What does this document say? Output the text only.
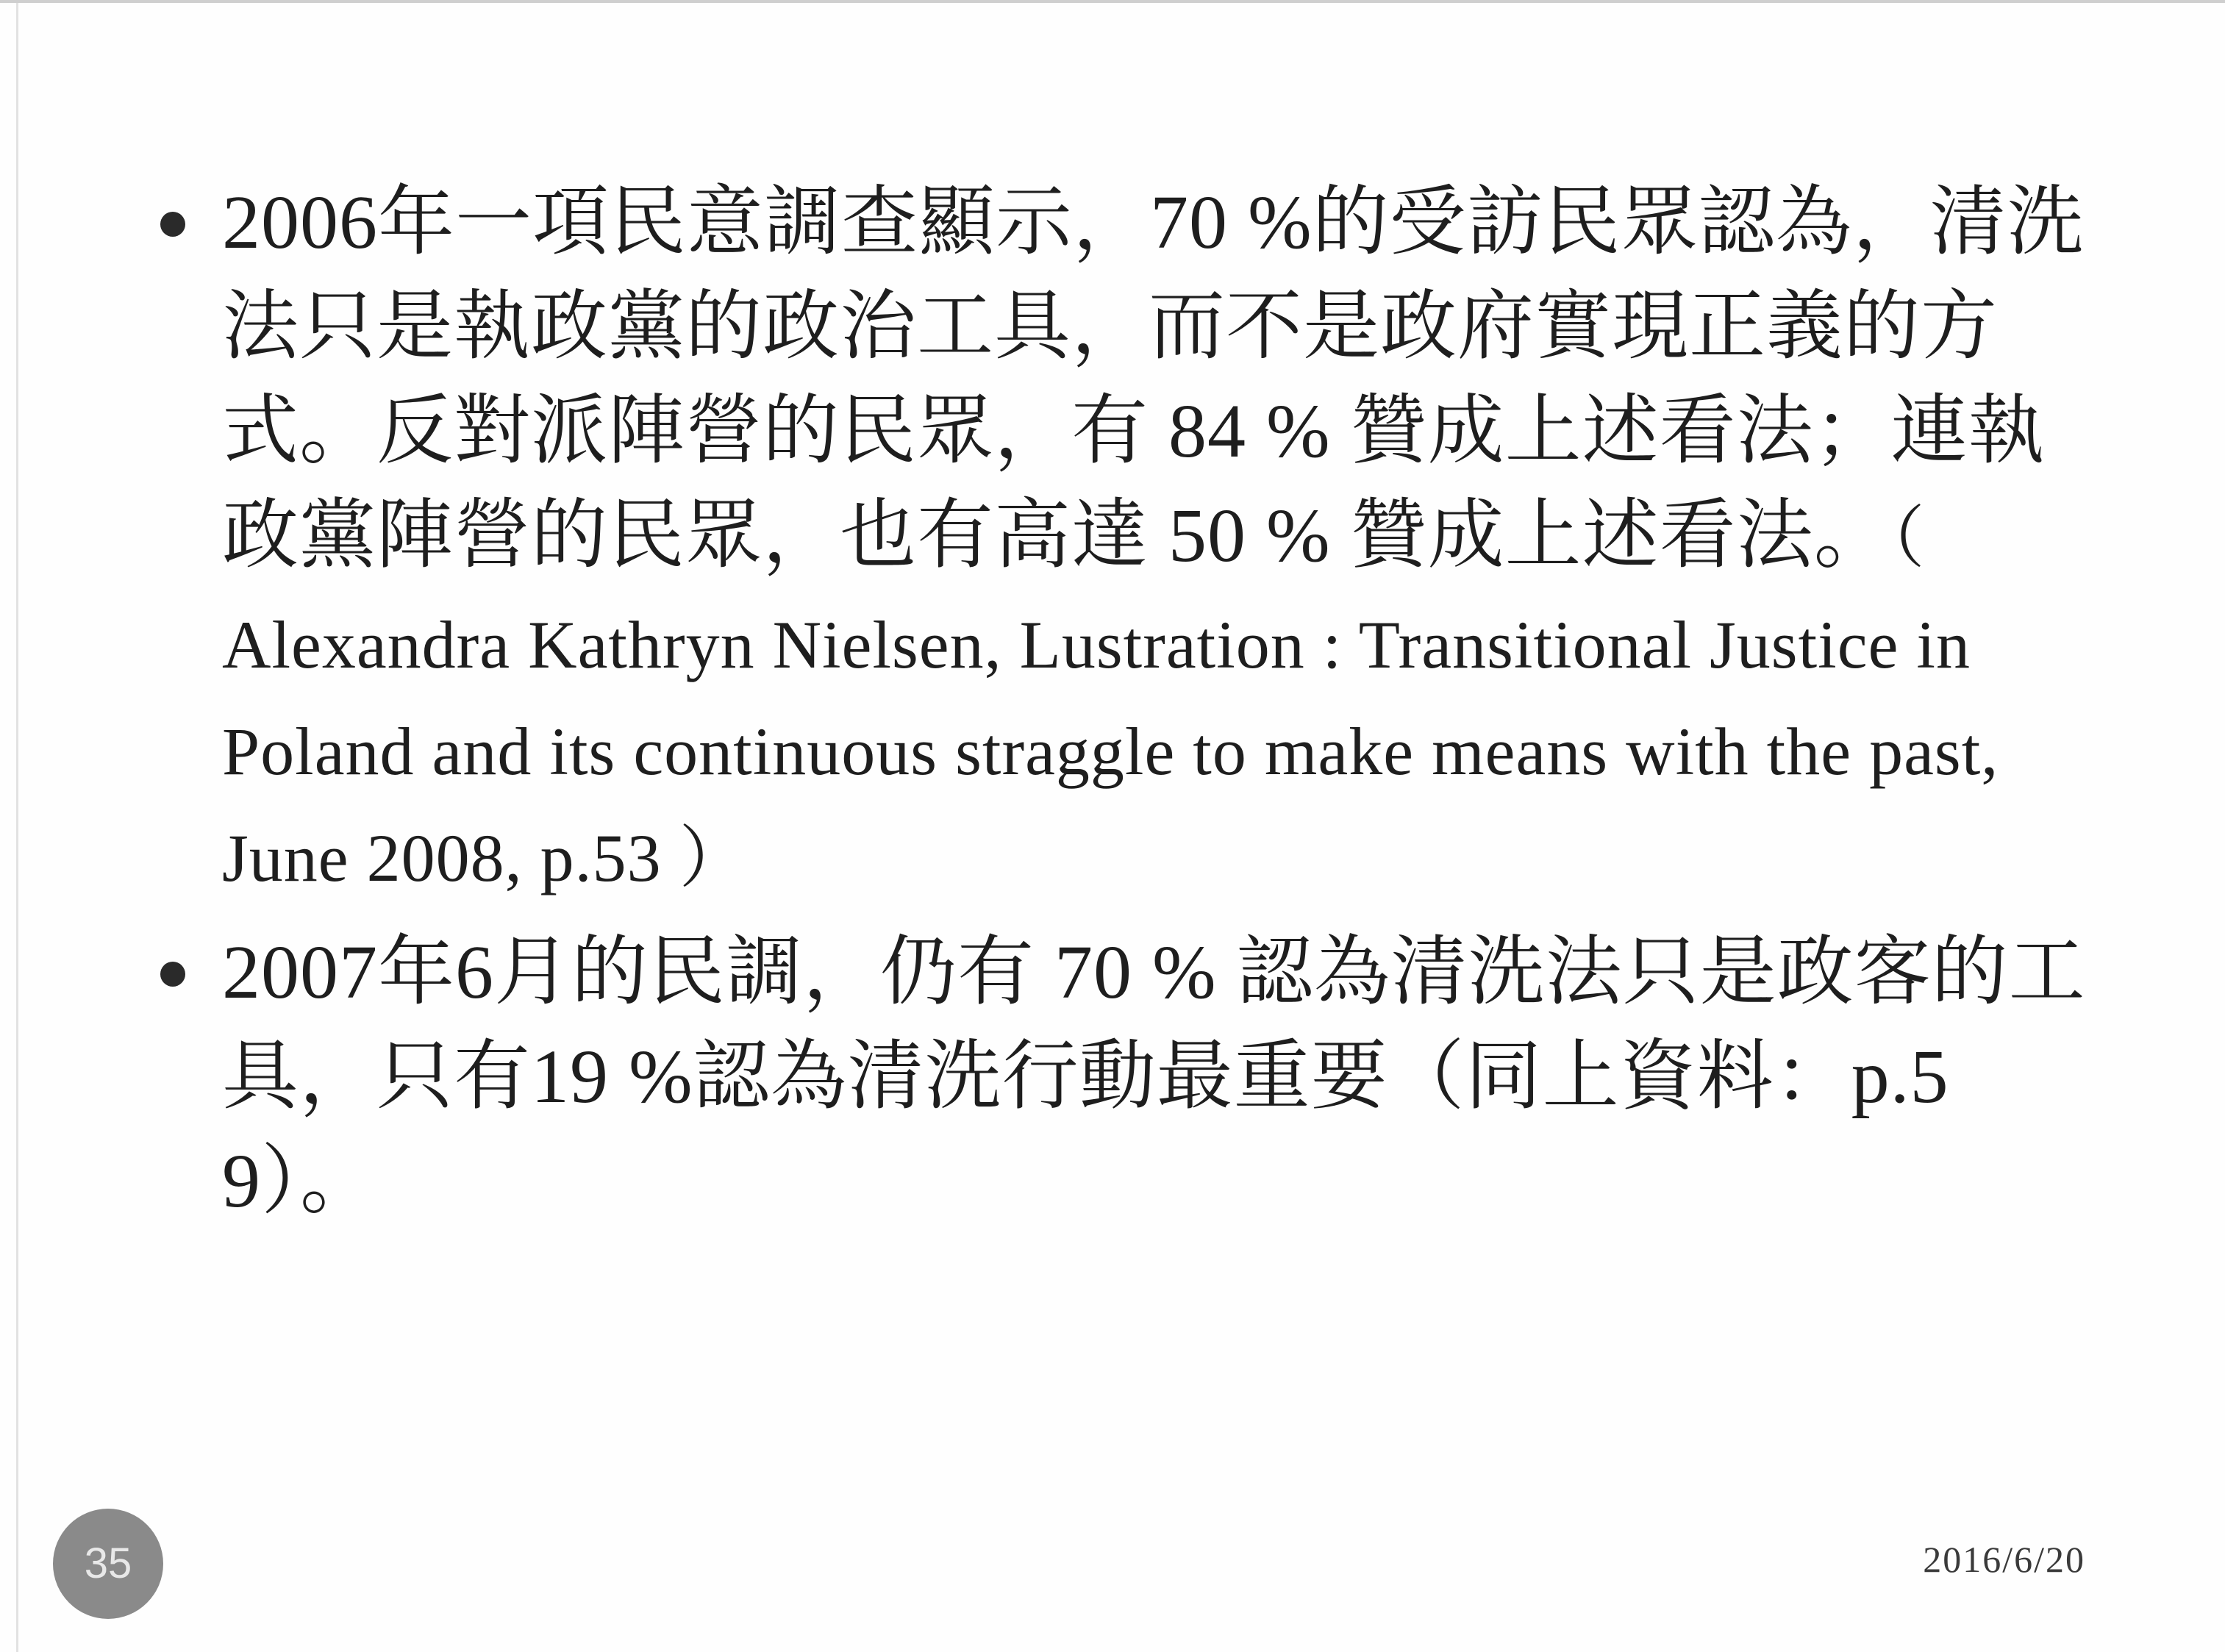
2006年一項民意調查顯示，70 %的受訪民眾認為，清洗法只是執政黨的政治工具，而不是政府實現正義的方式。反對派陣營的民眾，有 84 % 贊成上述看法；連執政黨陣營的民眾，也有高達 50 % 贊成上述看法。（ Alexandra Kathryn Nielsen, Lustration : Transitional Justice in Poland and its continuous straggle to make means with the past, June 2008, p.53 ）
2007年6月的民調，仍有 70 % 認為清洗法只是政客的工具，只有19 %認為清洗行動最重要（同上資料：p.59）。
35	2016/6/20
